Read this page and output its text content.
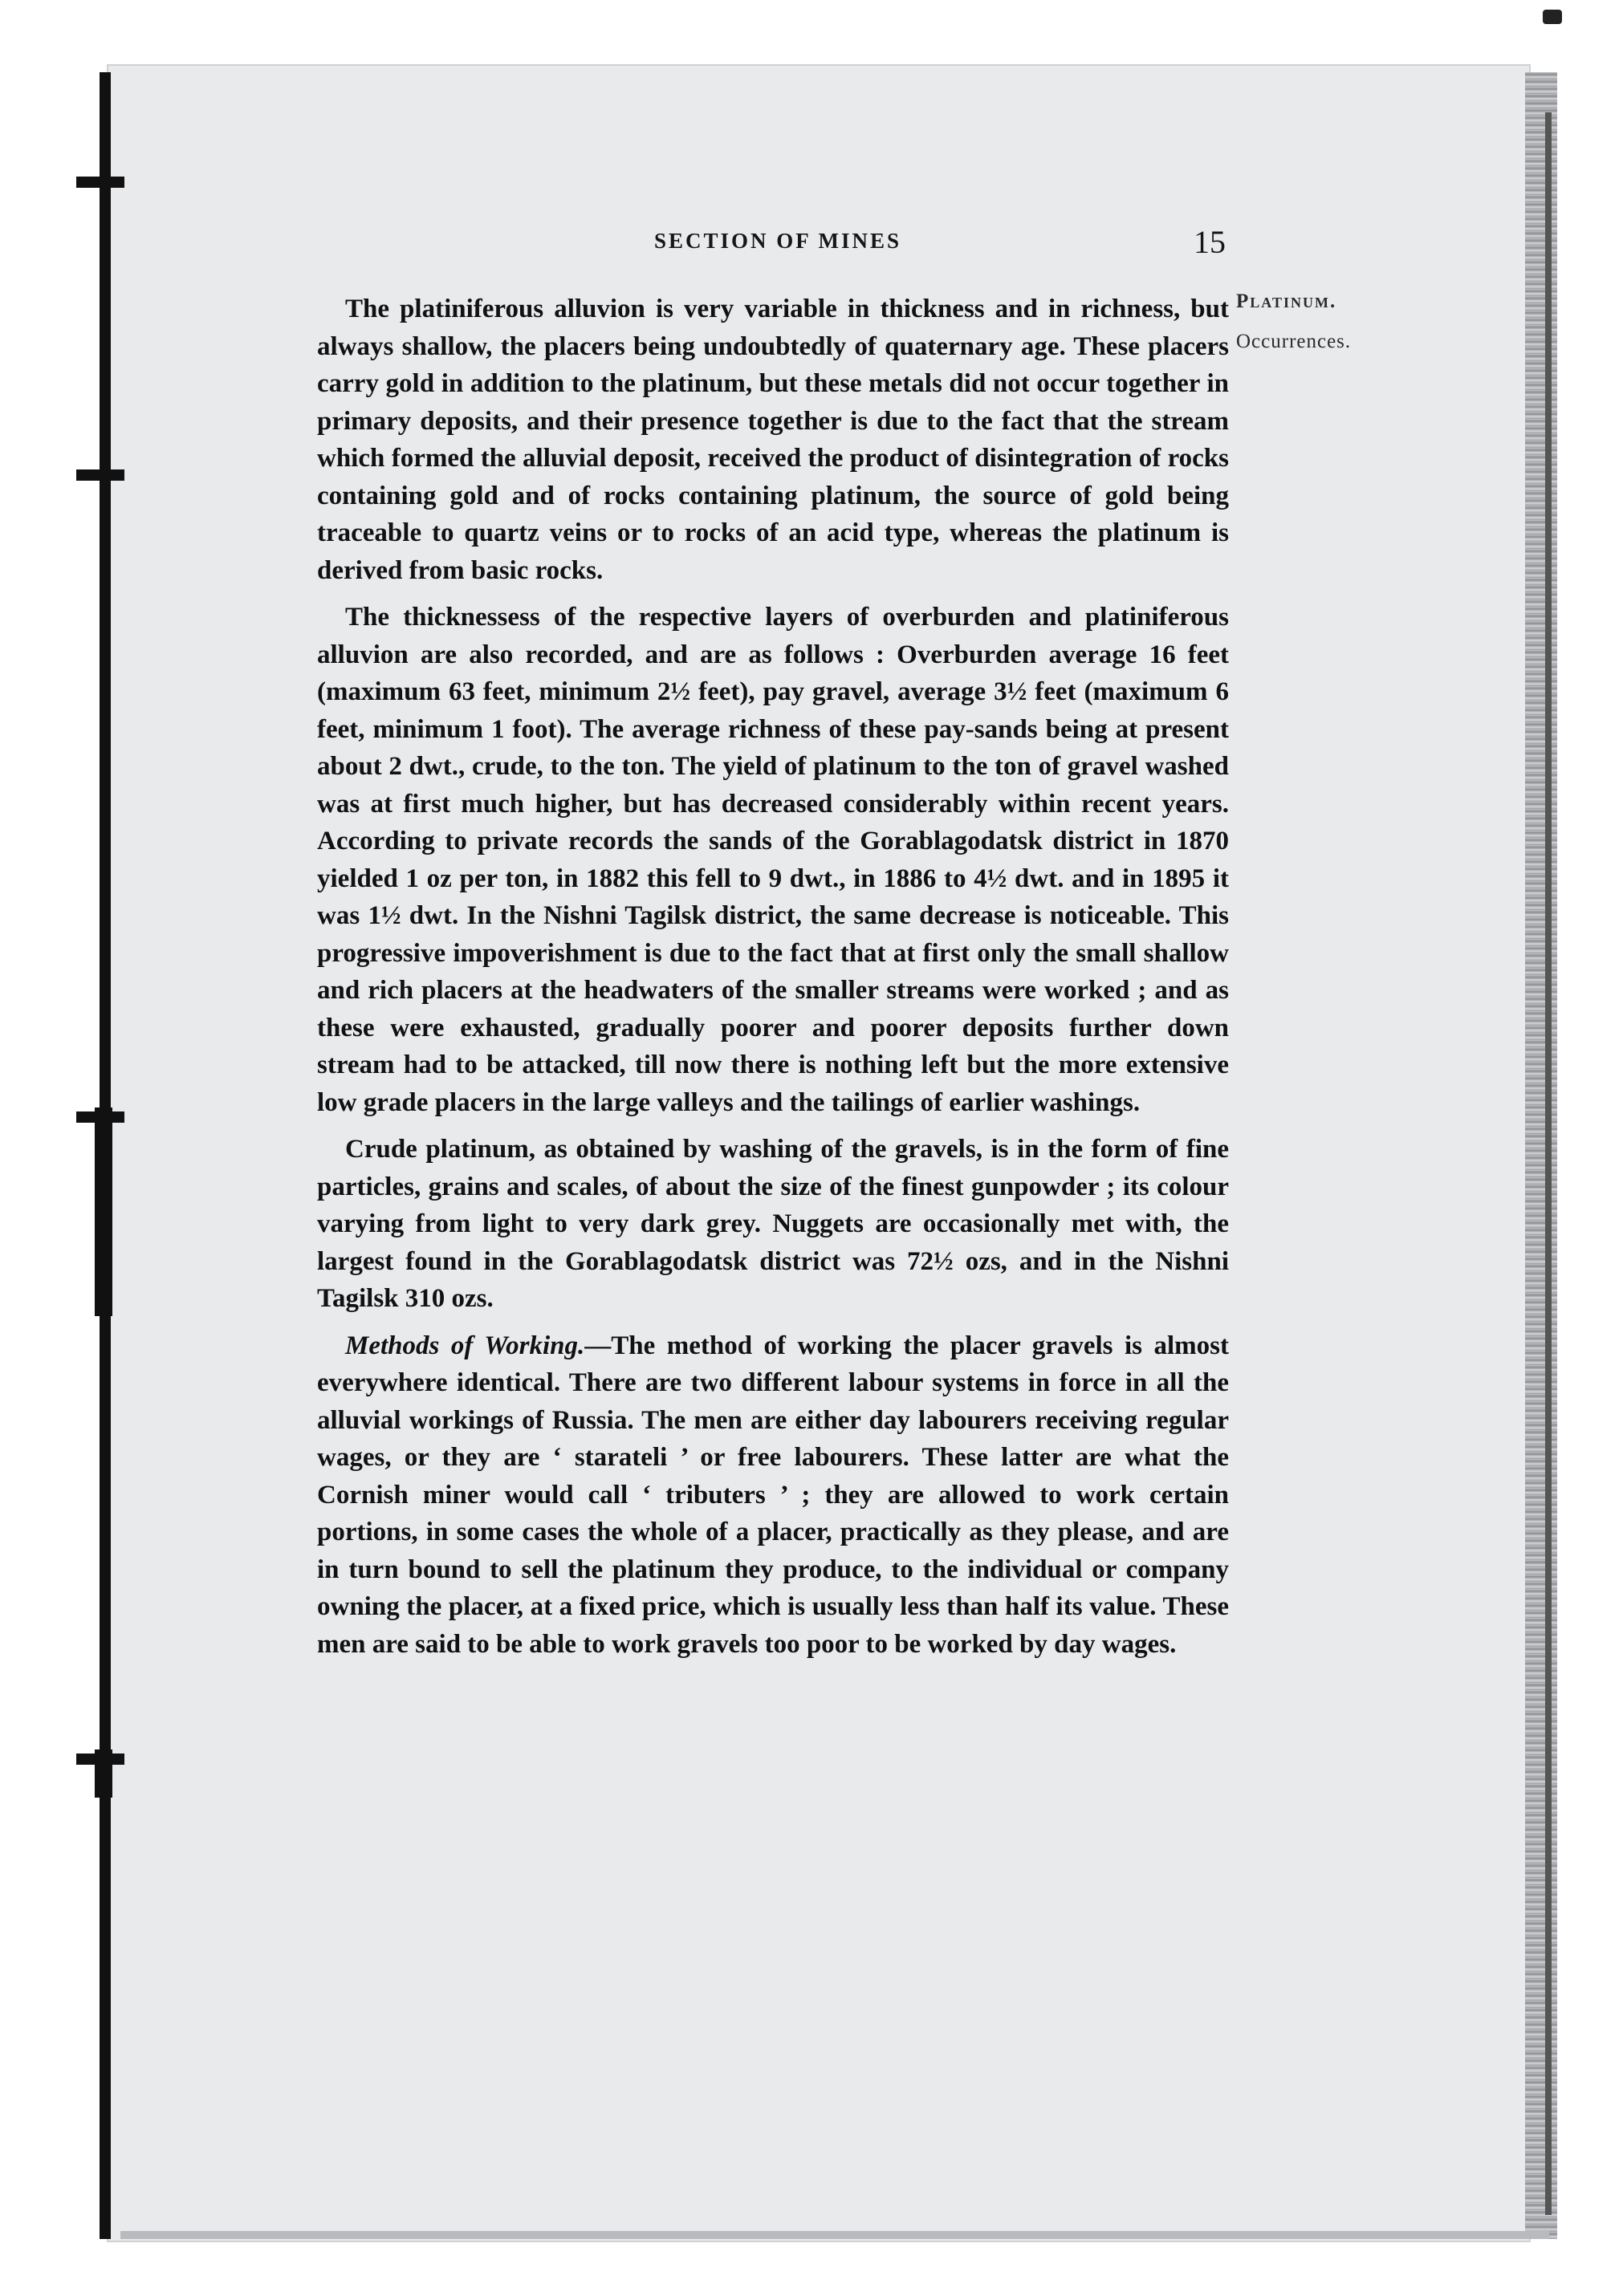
SECTION OF MINES	15
Platinum.
Occurrences.

The platiniferous alluvion is very variable in thickness and in richness, but always shallow, the placers being undoubtedly of quaternary age. These placers carry gold in addition to the platinum, but these metals did not occur together in primary deposits, and their presence together is due to the fact that the stream which formed the alluvial deposit, received the product of disintegration of rocks containing gold and of rocks containing platinum, the source of gold being traceable to quartz veins or to rocks of an acid type, whereas the platinum is derived from basic rocks.

The thicknessess of the respective layers of overburden and platiniferous alluvion are also recorded, and are as follows : Overburden average 16 feet (maximum 63 feet, minimum 2½ feet), pay gravel, average 3½ feet (maximum 6 feet, minimum 1 foot). The average richness of these pay-sands being at present about 2 dwt., crude, to the ton. The yield of platinum to the ton of gravel washed was at first much higher, but has decreased considerably within recent years. According to private records the sands of the Gorablagodatsk district in 1870 yielded 1 oz per ton, in 1882 this fell to 9 dwt., in 1886 to 4½ dwt. and in 1895 it was 1½ dwt. In the Nishni Tagilsk district, the same decrease is noticeable. This progressive impoverishment is due to the fact that at first only the small shallow and rich placers at the headwaters of the smaller streams were worked ; and as these were exhausted, gradually poorer and poorer deposits further down stream had to be attacked, till now there is nothing left but the more extensive low grade placers in the large valleys and the tailings of earlier washings.

Crude platinum, as obtained by washing of the gravels, is in the form of fine particles, grains and scales, of about the size of the finest gunpowder ; its colour varying from light to very dark grey. Nuggets are occasionally met with, the largest found in the Gorablagodatsk district was 72½ ozs, and in the Nishni Tagilsk 310 ozs.

Methods of Working.—The method of working the placer gravels is almost everywhere identical. There are two different labour systems in force in all the alluvial workings of Russia. The men are either day labourers receiving regular wages, or they are ‘ starateli ’ or free labourers. These latter are what the Cornish miner would call ‘ tributers ’ ; they are allowed to work certain portions, in some cases the whole of a placer, practically as they please, and are in turn bound to sell the platinum they produce, to the individual or company owning the placer, at a fixed price, which is usually less than half its value. These men are said to be able to work gravels too poor to be worked by day wages.
